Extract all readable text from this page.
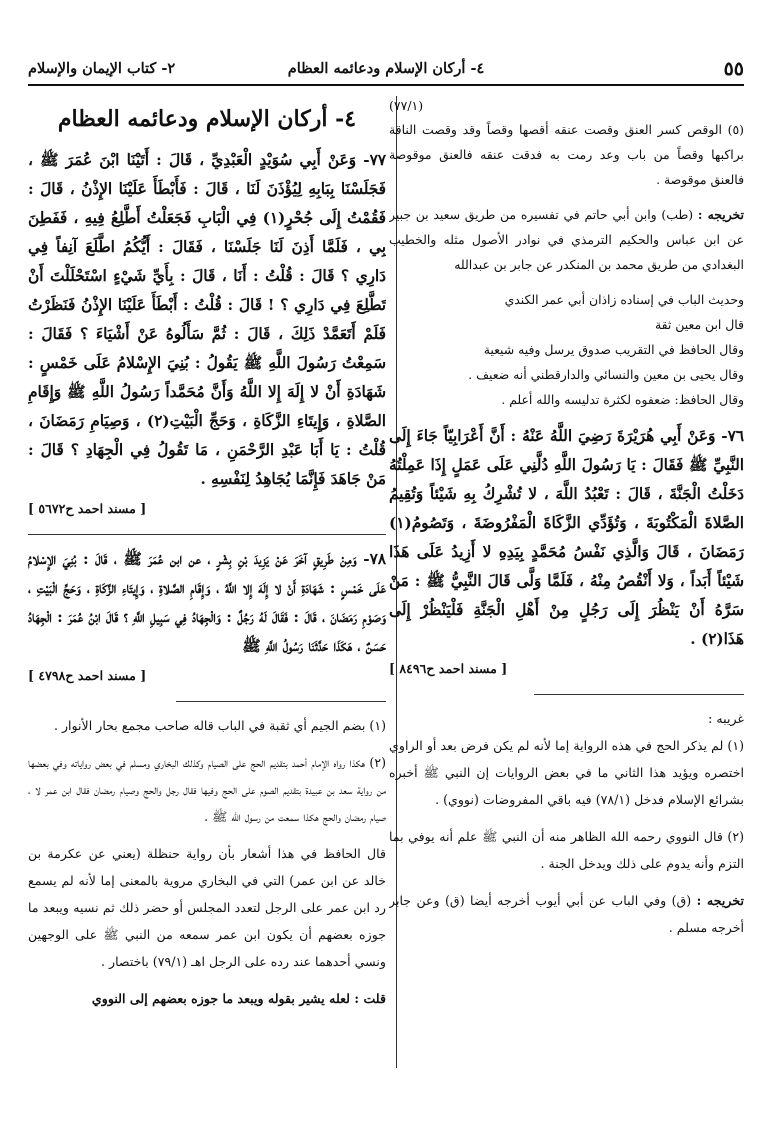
٥٥
٤- أركان الإسلام ودعائمه العظام
٢- كتاب الإيمان والإسلام

(٧٧/١)

(٥) الوقص كسر العنق وقصت عنقه أقصها وقصاً وقد وقصت الناقة براكبها وقصاً من باب وعد رمت به فدقت عنقه فالعنق موقوصة فالعنق موقوصة .

تخريجه : (طب) وابن أبي حاتم في تفسيره من طريق سعيد بن جبير عن ابن عباس والحكيم الترمذي في نوادر الأصول مثله والخطيب البغدادي من طريق محمد بن المنكدر عن جابر بن عبدالله

وحديث الباب في إسناده زاذان أبي عمر الكندي

قال ابن معين ثقة

وقال الحافظ في التقريب صدوق يرسل وفيه شيعية

وقال يحيى بن معين والنسائي والدارقطني أنه ضعيف .

وقال الحافظ: ضعفوه لكثرة تدليسه والله أعلم .

٧٦- وَعَنْ أَبِي هُرَيْرَةَ رَضِيَ اللَّهُ عَنْهُ : أَنَّ أَعْرَابِيّاً جَاءَ إِلَى النَّبِيِّ ﷺ فَقَالَ : يَا رَسُولَ اللَّهِ دُلَّنِي عَلَى عَمَلٍ إِذَا عَمِلْتُهُ دَخَلْتُ الْجَنَّةَ ، قَالَ : تَعْبُدُ اللَّهَ ، لا تُشْرِكُ بِهِ شَيْئاً وَتُقِيمُ الصَّلاةَ الْمَكْتُوبَةَ ، وَتُؤَدِّي الزَّكَاةَ الْمَفْرُوضَةَ ، وَتَصُومُ(١) رَمَضَانَ ، قَالَ وَالَّذِي نَفْسُ مُحَمَّدٍ بِيَدِهِ لا أَزِيدُ عَلَى هَذَا شَيْئاً أَبَداً ، وَلا أَنْقُصُ مِنْهُ ، فَلَمَّا وَلَّى قَالَ النَّبِيُّ ﷺ : مَنْ سَرَّهُ أَنْ يَنْظُرَ إِلَى رَجُلٍ مِنْ أَهْلِ الْجَنَّةِ فَلْيَنْظُرْ إِلَى هَذَا(٢) .

[ مسند احمد ح٨٤٩٦ ]

غريبه :

(١) لم يذكر الحج في هذه الرواية إما لأنه لم يكن فرض بعد أو الراوي اختصره ويؤيد هذا الثاني ما في بعض الروايات إن النبي ﷺ أخبره بشرائع الإسلام فدخل (٧٨/١) فيه باقي المفروضات (نووي) .

(٢) قال النووي رحمه الله الظاهر منه أن النبي ﷺ علم أنه يوفي بما التزم وأنه يدوم على ذلك ويدخل الجنة .

تخريجه : (ق) وفي الباب عن أبي أيوب أخرجه أيضا (ق) وعن جابر أخرجه مسلم .

٤- أركان الإسلام ودعائمه العظام

٧٧- وَعَنْ أَبِي سُوَيْدٍ الْعَبْدِيِّ ، قَالَ : أَتَيْنَا ابْنَ عُمَرَ ﷺ ، فَجَلَسْنَا بِبَابِهِ لِيُؤْذَنَ لَنَا ، قَالَ : فَأَبْطَأَ عَلَيْنَا الإِذْنُ ، قَالَ : فَقُمْتُ إِلَى جُحْرٍ(١) فِي الْبَابِ فَجَعَلْتُ أَطَّلِعُ فِيهِ ، فَفَطِنَ بِي ، فَلَمَّا أَذِنَ لَنَا جَلَسْنَا ، فَقَالَ : أَيُّكُمُ اطَّلَعَ آنِفاً فِي دَارِي ؟ قَالَ : قُلْتُ : أَنَا ، قَالَ : بِأَيِّ شَيْءٍ اسْتَحْلَلْتَ أَنْ تَطَّلِعَ فِي دَارِي ؟ ! قَالَ : قُلْتُ : أَبْطَأَ عَلَيْنَا الإِذْنُ فَنَظَرْتُ فَلَمْ أَتَعَمَّدْ ذَلِكَ ، قَالَ : ثُمَّ سَأَلُوهُ عَنْ أَشْيَاءَ ؟ فَقَالَ : سَمِعْتُ رَسُولَ اللَّهِ ﷺ يَقُولُ : بُنِيَ الإِسْلامُ عَلَى خَمْسٍ : شَهَادَةِ أَنْ لا إِلَهَ إِلا اللَّهُ وَأَنَّ مُحَمَّداً رَسُولُ اللَّهِ ﷺ وَإِقَامِ الصَّلاةِ ، وَإِيتَاءِ الزَّكَاةِ ، وَحَجِّ الْبَيْتِ(٢) ، وَصِيَامِ رَمَضَانَ ، قُلْتُ : يَا أَبَا عَبْدِ الرَّحْمَنِ ، مَا تَقُولُ فِي الْجِهَادِ ؟ قَالَ : مَنْ جَاهَدَ فَإِنَّمَا يُجَاهِدُ لِنَفْسِهِ .

[ مسند احمد ح٥٦٧٢ ]

٧٨- وَمِنْ طَرِيقٍ آخَرَ عَنْ يَزِيدَ بْنِ بِشْرٍ ، عن ابن عُمَرَ ﷺ ، قَالَ : بُنِيَ الإِسْلامُ عَلَى خَمْسٍ : شَهَادَةِ أَنْ لا إِلَهَ إِلا اللَّهُ ، وَإِقَامِ الصَّلاةِ ، وَإِيتَاءِ الزَّكَاةِ ، وَحَجِّ الْبَيْتِ ، وَصَوْمِ رَمَضَانَ ، قَالَ : فَقَالَ لَهُ رَجُلٌ : وَالْجِهَادُ فِي سَبِيلِ اللَّهِ ؟ قَالَ ابْنُ عُمَرَ : الْجِهَادُ حَسَنٌ ، هَكَذَا حَدَّثَنَا رَسُولُ اللَّهِ ﷺ

[ مسند احمد ح٤٧٩٨ ]

(١) بضم الجيم أي ثقبة في الباب قاله صاحب مجمع بحار الأنوار .

(٢) هكذا رواه الإمام أحمد بتقديم الحج على الصيام وكذلك البخاري ومسلم في بعض رواياته وفي بعضها من رواية سعد بن عبيدة بتقديم الصوم على الحج وفيها فقال رجل والحج وصيام رمضان فقال ابن عمر لا ، صيام رمضان والحج هكذا سمعت من رسول الله ﷺ .

قال الحافظ في هذا أشعار بأن رواية حنظلة (يعني عن عكرمة بن خالد عن ابن عمر) التي في البخاري مروية بالمعنى إما لأنه لم يسمع رد ابن عمر على الرجل لتعدد المجلس أو حضر ذلك ثم نسيه ويبعد ما جوزه بعضهم أن يكون ابن عمر سمعه من النبي ﷺ على الوجهين ونسي أحدهما عند رده على الرجل اهـ (٧٩/١) باختصار .

قلت : لعله يشير بقوله ويبعد ما جوزه بعضهم إلى النووي
